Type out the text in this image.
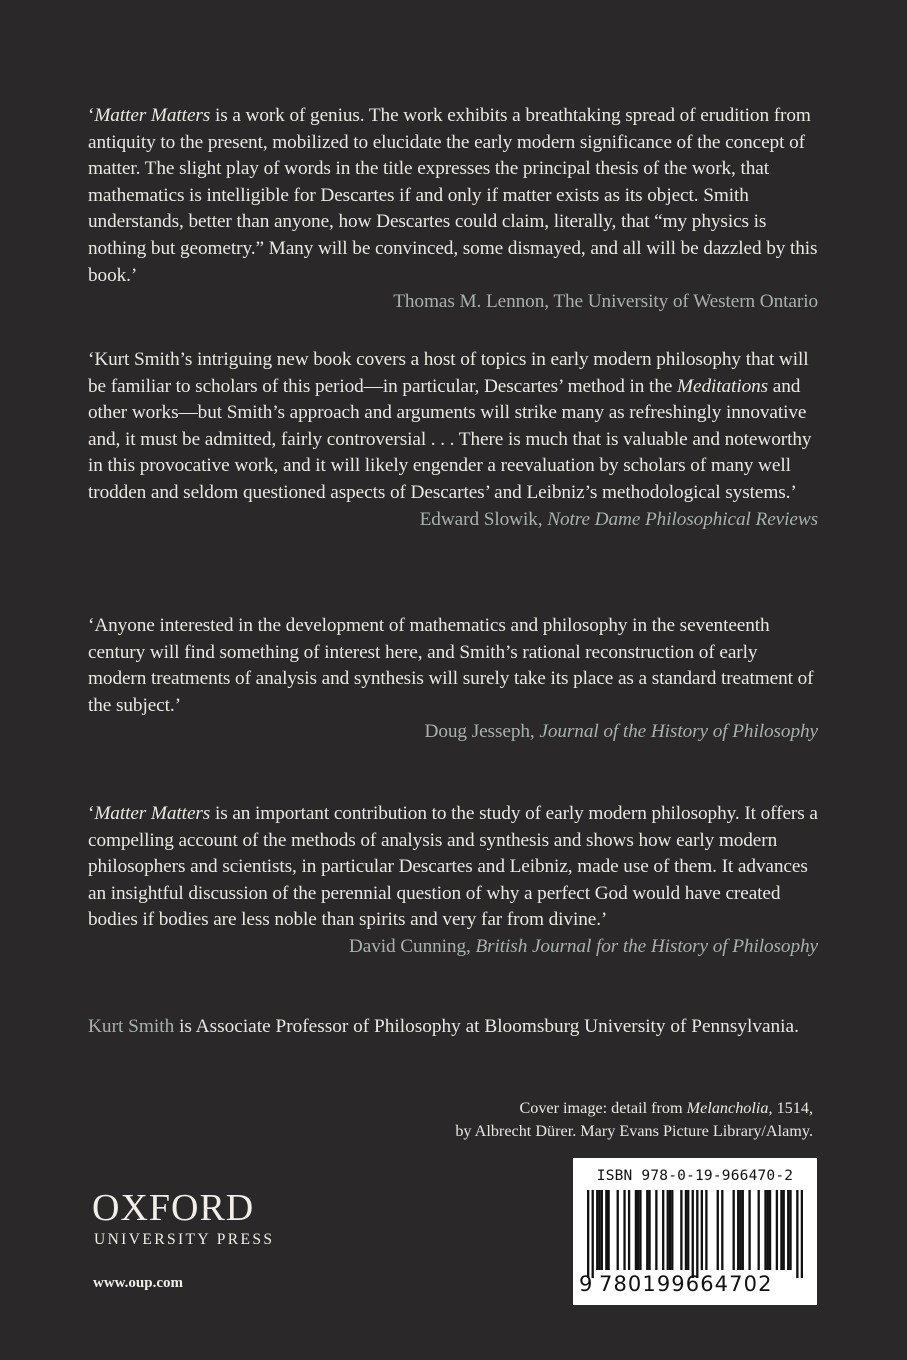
‘Matter Matters is a work of genius. The work exhibits a breathtaking spread of erudition from antiquity to the present, mobilized to elucidate the early modern significance of the concept of matter. The slight play of words in the title expresses the principal thesis of the work, that mathematics is intelligible for Descartes if and only if matter exists as its object. Smith understands, better than anyone, how Descartes could claim, literally, that “my physics is nothing but geometry.” Many will be convinced, some dismayed, and all will be dazzled by this book.’

Thomas M. Lennon, The University of Western Ontario

‘Kurt Smith’s intriguing new book covers a host of topics in early modern philosophy that will be familiar to scholars of this period—in particular, Descartes’ method in the Meditations and other works—but Smith’s approach and arguments will strike many as refreshingly innovative and, it must be admitted, fairly controversial . . . There is much that is valuable and noteworthy in this provocative work, and it will likely engender a reevaluation by scholars of many well trodden and seldom questioned aspects of Descartes’ and Leibniz’s methodological systems.’

Edward Slowik, Notre Dame Philosophical Reviews

‘Anyone interested in the development of mathematics and philosophy in the seventeenth century will find something of interest here, and Smith’s rational reconstruction of early modern treatments of analysis and synthesis will surely take its place as a standard treatment of the subject.’

Doug Jesseph, Journal of the History of Philosophy

‘Matter Matters is an important contribution to the study of early modern philosophy. It offers a compelling account of the methods of analysis and synthesis and shows how early modern philosophers and scientists, in particular Descartes and Leibniz, made use of them. It advances an insightful discussion of the perennial question of why a perfect God would have created bodies if bodies are less noble than spirits and very far from divine.’

David Cunning, British Journal for the History of Philosophy
Kurt Smith is Associate Professor of Philosophy at Bloomsburg University of Pennsylvania.
Cover image: detail from Melancholia, 1514,
by Albrecht Dürer. Mary Evans Picture Library/Alamy.
OXFORD
UNIVERSITY PRESS
www.oup.com
ISBN 978-0-19-966470-2
9 780199664702
